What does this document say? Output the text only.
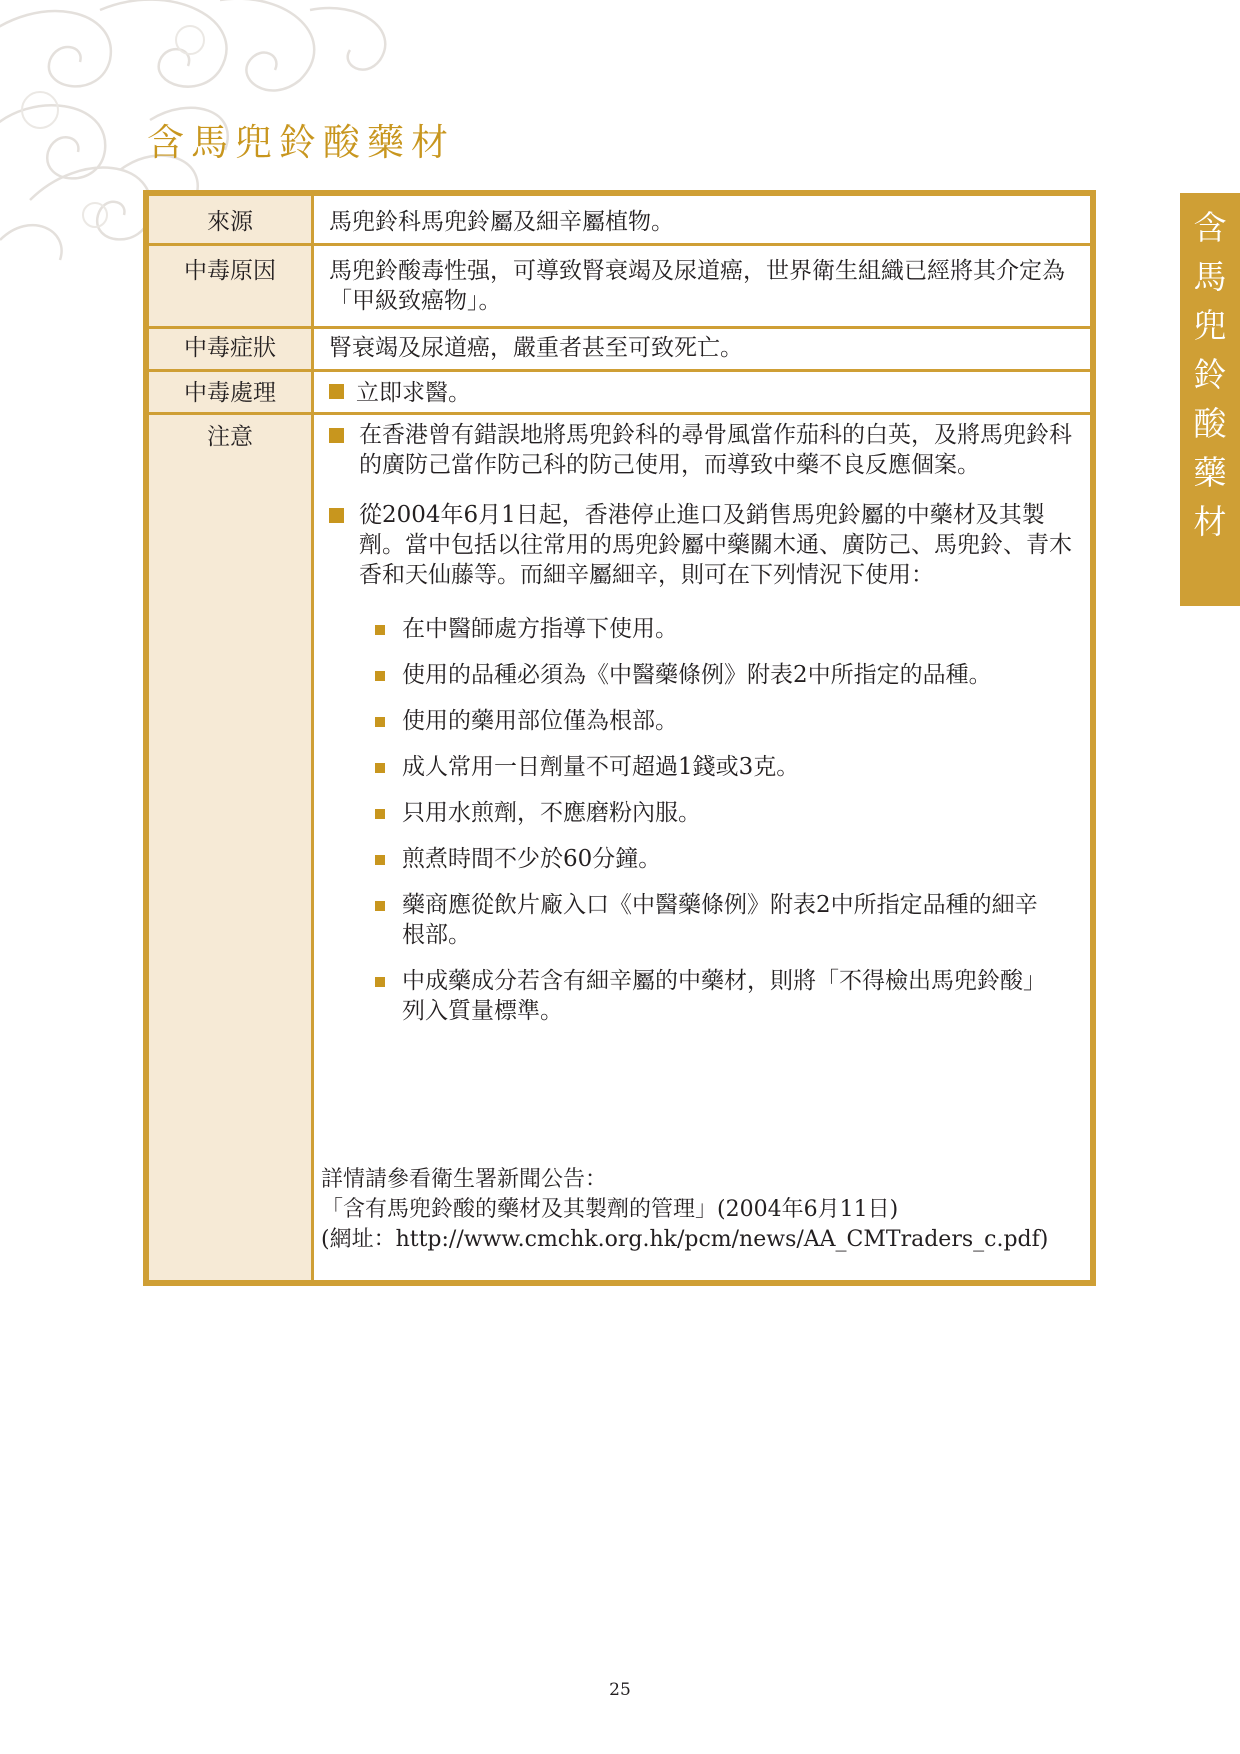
含馬兜鈴酸藥材
含
馬
兜
鈴
酸
藥
材
來源	馬兜鈴科馬兜鈴屬及細辛屬植物。
中毒原因	馬兜鈴酸毒性强，可導致腎衰竭及尿道癌，世界衛生組織已經將其介定為「甲級致癌物」。
中毒症狀	腎衰竭及尿道癌，嚴重者甚至可致死亡。
中毒處理	立即求醫。
注意	在香港曾有錯誤地將馬兜鈴科的尋骨風當作茄科的白英，及將馬兜鈴科的廣防己當作防己科的防己使用，而導致中藥不良反應個案。
從2004年6月1日起，香港停止進口及銷售馬兜鈴屬的中藥材及其製劑。當中包括以往常用的馬兜鈴屬中藥關木通、廣防己、馬兜鈴、青木香和天仙藤等。而細辛屬細辛，則可在下列情況下使用：
在中醫師處方指導下使用。
使用的品種必須為《中醫藥條例》附表2中所指定的品種。
使用的藥用部位僅為根部。
成人常用一日劑量不可超過1錢或3克。
只用水煎劑，不應磨粉內服。
煎煮時間不少於60分鐘。
藥商應從飲片廠入口《中醫藥條例》附表2中所指定品種的細辛根部。
中成藥成分若含有細辛屬的中藥材，則將「不得檢出馬兜鈴酸」列入質量標準。
詳情請參看衛生署新聞公告：
「含有馬兜鈴酸的藥材及其製劑的管理」(2004年6月11日)
(網址：http://www.cmchk.org.hk/pcm/news/AA_CMTraders_c.pdf)
25
